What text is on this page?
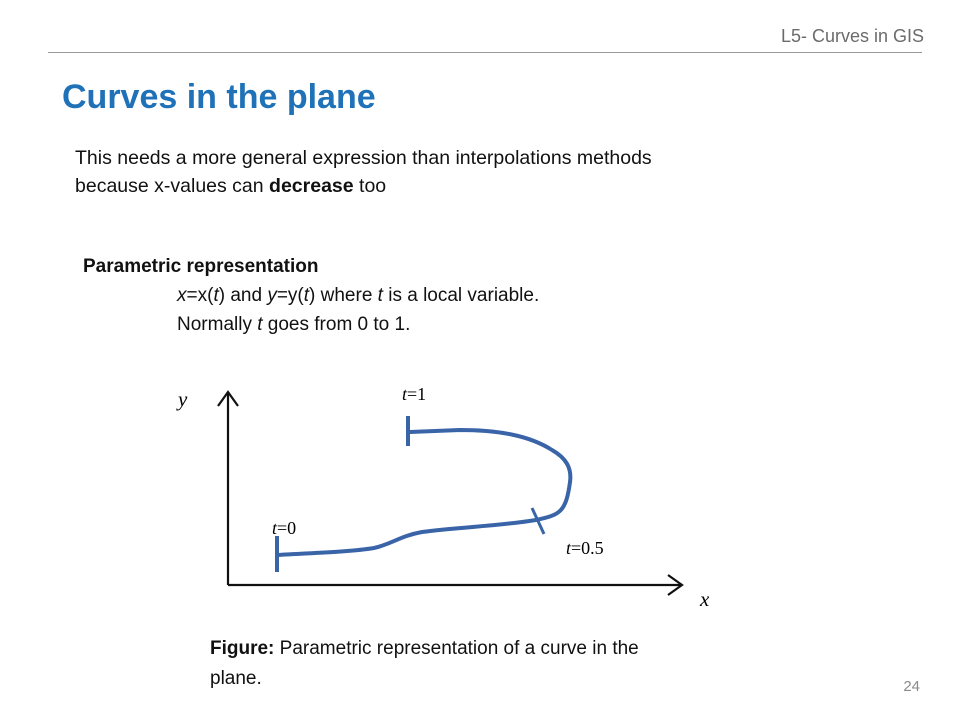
L5- Curves in GIS
Curves in the plane
This needs a more general expression than interpolations methods because x-values can decrease too
Parametric representation
x=x(t) and y=y(t) where t is a local variable.
Normally t goes from 0 to 1.
y
x
t=0
t=0.5
t=1
Figure: Parametric representation of a curve in the plane.	24
